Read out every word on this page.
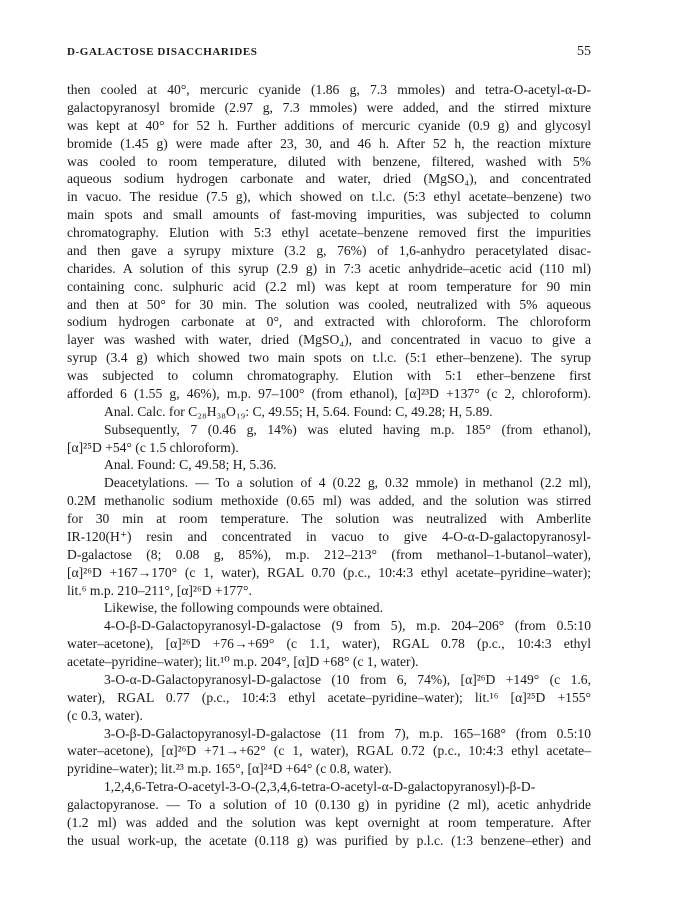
D-GALACTOSE DISACCHARIDES	55
then cooled at 40°, mercuric cyanide (1.86 g, 7.3 mmoles) and tetra-O-acetyl-α-D-
galactopyranosyl bromide (2.97 g, 7.3 mmoles) were added, and the stirred mixture
was kept at 40° for 52 h. Further additions of mercuric cyanide (0.9 g) and glycosyl
bromide (1.45 g) were made after 23, 30, and 46 h. After 52 h, the reaction mixture
was cooled to room temperature, diluted with benzene, filtered, washed with 5%
aqueous sodium hydrogen carbonate and water, dried (MgSO₄), and concentrated
in vacuo. The residue (7.5 g), which showed on t.l.c. (5:3 ethyl acetate–benzene) two
main spots and small amounts of fast-moving impurities, was subjected to column
chromatography. Elution with 5:3 ethyl acetate–benzene removed first the impurities
and then gave a syrupy mixture (3.2 g, 76%) of 1,6-anhydro peracetylated disac-
charides. A solution of this syrup (2.9 g) in 7:3 acetic anhydride–acetic acid (110 ml)
containing conc. sulphuric acid (2.2 ml) was kept at room temperature for 90 min
and then at 50° for 30 min. The solution was cooled, neutralized with 5% aqueous
sodium hydrogen carbonate at 0°, and extracted with chloroform. The chloroform
layer was washed with water, dried (MgSO₄), and concentrated in vacuo to give a
syrup (3.4 g) which showed two main spots on t.l.c. (5:1 ether–benzene). The syrup
was subjected to column chromatography. Elution with 5:1 ether–benzene first
afforded 6 (1.55 g, 46%), m.p. 97–100° (from ethanol), [α]²³D +137° (c 2, chloroform).
Anal. Calc. for C₂₈H₃₈O₁₉: C, 49.55; H, 5.64. Found: C, 49.28; H, 5.89.
Subsequently, 7 (0.46 g, 14%) was eluted having m.p. 185° (from ethanol),
[α]²⁵D +54° (c 1.5 chloroform).
Anal. Found: C, 49.58; H, 5.36.
Deacetylations. — To a solution of 4 (0.22 g, 0.32 mmole) in methanol (2.2 ml),
0.2M methanolic sodium methoxide (0.65 ml) was added, and the solution was stirred
for 30 min at room temperature. The solution was neutralized with Amberlite
IR-120(H⁺) resin and concentrated in vacuo to give 4-O-α-D-galactopyranosyl-
D-galactose (8; 0.08 g, 85%), m.p. 212–213° (from methanol–1-butanol–water),
[α]²⁶D +167→170° (c 1, water), RGAL 0.70 (p.c., 10:4:3 ethyl acetate–pyridine–water);
lit.⁶ m.p. 210–211°, [α]²⁶D +177°.
Likewise, the following compounds were obtained.
4-O-β-D-Galactopyranosyl-D-galactose (9 from 5), m.p. 204–206° (from 0.5:10
water–acetone), [α]²⁶D +76→+69° (c 1.1, water), RGAL 0.78 (p.c., 10:4:3 ethyl
acetate–pyridine–water); lit.¹⁰ m.p. 204°, [α]D +68° (c 1, water).
3-O-α-D-Galactopyranosyl-D-galactose (10 from 6, 74%), [α]²⁶D +149° (c 1.6,
water), RGAL 0.77 (p.c., 10:4:3 ethyl acetate–pyridine–water); lit.¹⁶ [α]²⁵D +155°
(c 0.3, water).
3-O-β-D-Galactopyranosyl-D-galactose (11 from 7), m.p. 165–168° (from 0.5:10
water–acetone), [α]²⁶D +71→+62° (c 1, water), RGAL 0.72 (p.c., 10:4:3 ethyl acetate–
pyridine–water); lit.²³ m.p. 165°, [α]²⁴D +64° (c 0.8, water).
1,2,4,6-Tetra-O-acetyl-3-O-(2,3,4,6-tetra-O-acetyl-α-D-galactopyranosyl)-β-D-
galactopyranose. — To a solution of 10 (0.130 g) in pyridine (2 ml), acetic anhydride
(1.2 ml) was added and the solution was kept overnight at room temperature. After
the usual work-up, the acetate (0.118 g) was purified by p.l.c. (1:3 benzene–ether) and
